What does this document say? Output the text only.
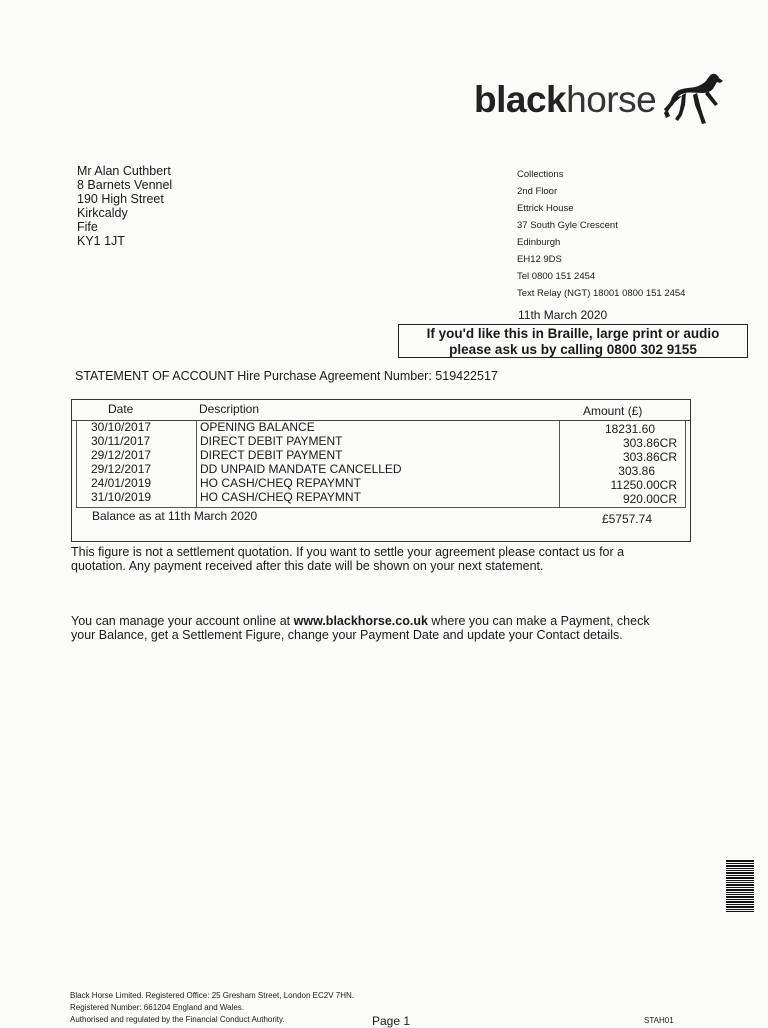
blackhorse
Mr Alan Cuthbert
8 Barnets Vennel
190 High Street
Kirkcaldy
Fife
KY1 1JT
Collections
2nd Floor
Ettrick House
37 South Gyle Crescent
Edinburgh
EH12 9DS
Tel 0800 151 2454
Text Relay (NGT) 18001 0800 151 2454
11th March 2020
If you'd like this in Braille, large print or audio
please ask us by calling 0800 302 9155
STATEMENT OF ACCOUNT Hire Purchase Agreement Number: 519422517
Date	Description	Amount (£)
30/10/2017	OPENING BALANCE	18231.60
30/11/2017	DIRECT DEBIT PAYMENT	303.86CR
29/12/2017	DIRECT DEBIT PAYMENT	303.86CR
29/12/2017	DD UNPAID MANDATE CANCELLED	303.86
24/01/2019	HO CASH/CHEQ REPAYMNT	11250.00CR
31/10/2019	HO CASH/CHEQ REPAYMNT	920.00CR
Balance as at 11th March 2020	£5757.74
This figure is not a settlement quotation. If you want to settle your agreement please contact us for a
quotation. Any payment received after this date will be shown on your next statement.
You can manage your account online at www.blackhorse.co.uk where you can make a Payment, check
your Balance, get a Settlement Figure, change your Payment Date and update your Contact details.
Black Horse Limited. Registered Office: 25 Gresham Street, London EC2V 7HN.
Registered Number: 661204 England and Wales.
Authorised and regulated by the Financial Conduct Authority.	Page 1	STAH01
